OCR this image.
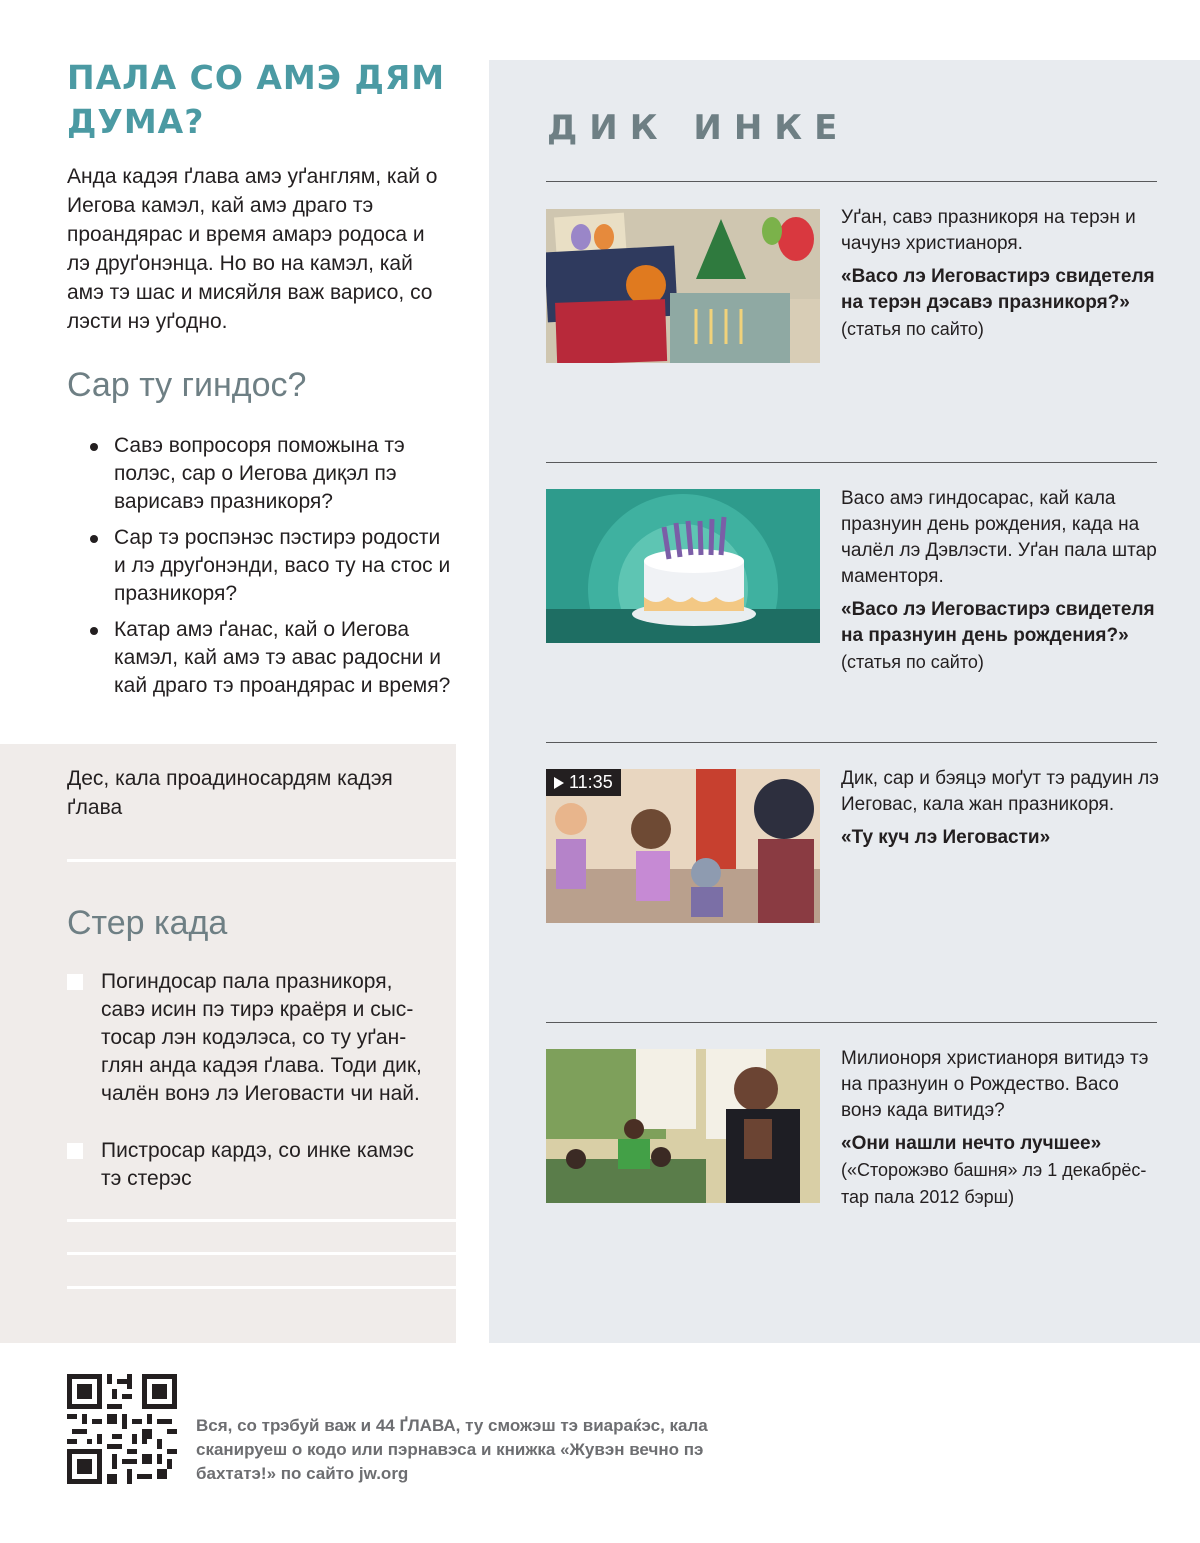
ПАЛА СО АМЭ ДЯМ ДУМА?
Анда кадэя ґлава амэ уґанглям, кай о Иегова камэл, кай амэ драго тэ проандярас и время амарэ родоса и лэ друґонэнца. Но во на камэл, кай амэ тэ шас и мисяйля важ варисо, со лэсти нэ уґодно.
Сар ту гиндос?
Савэ вопросоря поможына тэ полэс, сар о Иегова диқэл пэ варисавэ празникоря?
Сар тэ роспэнэс пэстирэ родости и лэ друґонэнди, васо ту на стос и празникоря?
Катар амэ ґанас, кай о Иегова камэл, кай амэ тэ авас радосни и кай драго тэ проандярас и время?
Дес, кала проадиносардям кадэя ґлава
Стер када
Погиндосар пала празникоря, савэ исин пэ тирэ краёря и сыстосар лэн кодэлэса, со ту уґанглян анда кадэя ґлава. Тоди дик, чалён вонэ лэ Иеговасти чи най.
Пистросар кардэ, со инке камэс тэ стерэс
ДИК ИНКЕ
Уґан, савэ празникоря на терэн и чачунэ христианоря.
«Васо лэ Иеговастирэ свидетеля на терэн дэсавэ празникоря?» (статья по сайто)
Васо амэ гиндосарас, кай кала празнуин день рождения, када на чалёл лэ Дэвлэсти. Уґан пала штар маменторя.
«Васо лэ Иеговастирэ свидетеля на празнуин день рождения?» (статья по сайто)
11:35	Дик, сар и бэяцэ моґут тэ радуин лэ Иеговас, кала жан празникоря.
«Ту куч лэ Иеговасти»
Милионоря христианоря витидэ тэ на празнуин о Рождество. Васо вонэ када витидэ?
«Они нашли нечто лучшее»
(«Сторожэво башня» лэ 1 декабрёстар пала 2012 бэрш)
Вся, со трэбуй важ и 44 ҐЛАВА, ту сможэш тэ виараќэс, кала сканируеш о кодо или пэрнавэса и книжка «Жувэн вечно пэ бахтатэ!» по сайто jw.org
